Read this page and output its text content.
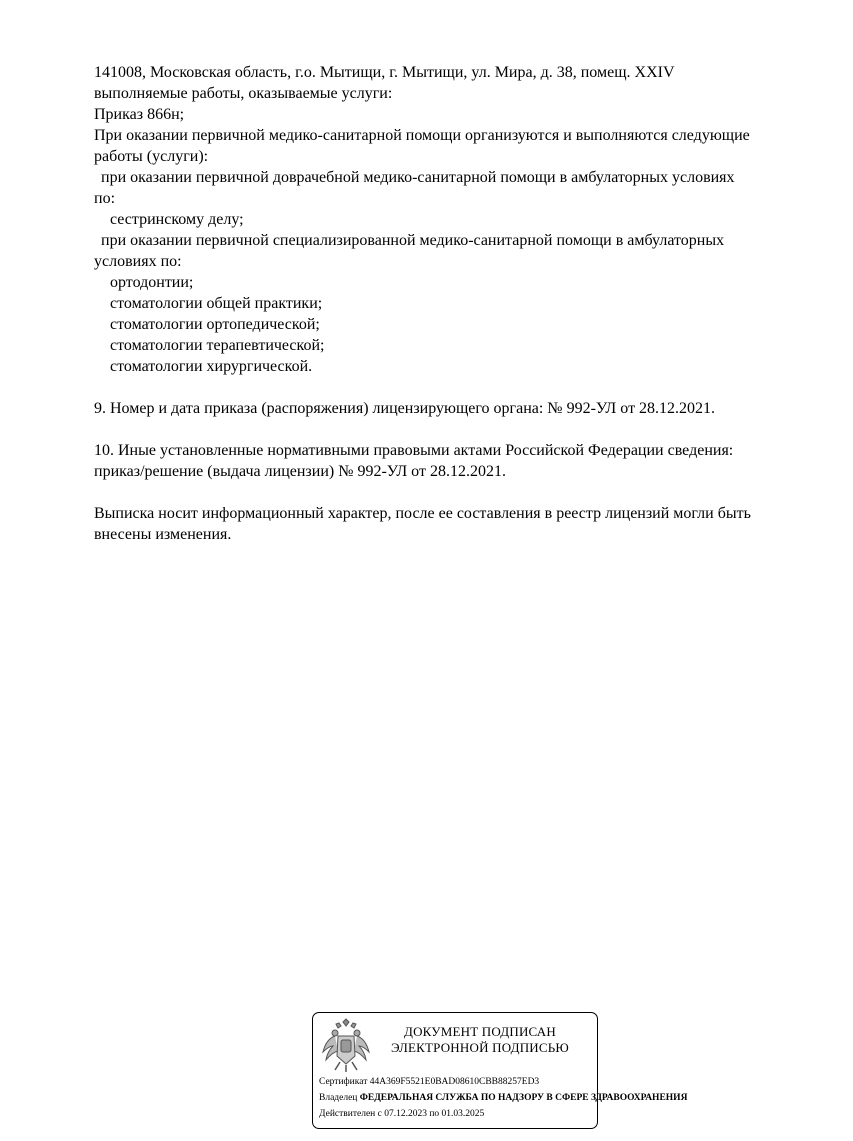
141008, Московская область, г.о. Мытищи, г. Мытищи, ул. Мира, д. 38, помещ. XXIV
выполняемые работы, оказываемые услуги:
Приказ 866н;
При оказании первичной медико-санитарной помощи организуются и выполняются следующие
работы (услуги):
при оказании первичной доврачебной медико-санитарной помощи в амбулаторных условиях
по:
сестринскому делу;
при оказании первичной специализированной медико-санитарной помощи в амбулаторных
условиях по:
ортодонтии;
стоматологии общей практики;
стоматологии ортопедической;
стоматологии терапевтической;
стоматологии хирургической.
9. Номер и дата приказа (распоряжения) лицензирующего органа: № 992-УЛ от 28.12.2021.
10. Иные установленные нормативными правовыми актами Российской Федерации сведения:
приказ/решение (выдача лицензии) № 992-УЛ от 28.12.2021.
Выписка носит информационный характер, после ее составления в реестр лицензий могли быть
внесены изменения.
ДОКУМЕНТ ПОДПИСАН
ЭЛЕКТРОННОЙ ПОДПИСЬЮ
Сертификат 44A369F5521E0BAD08610CBB88257ED3
Владелец ФЕДЕРАЛЬНАЯ СЛУЖБА ПО НАДЗОРУ В СФЕРЕ ЗДРАВООХРАНЕНИЯ
Действителен с 07.12.2023 по 01.03.2025
